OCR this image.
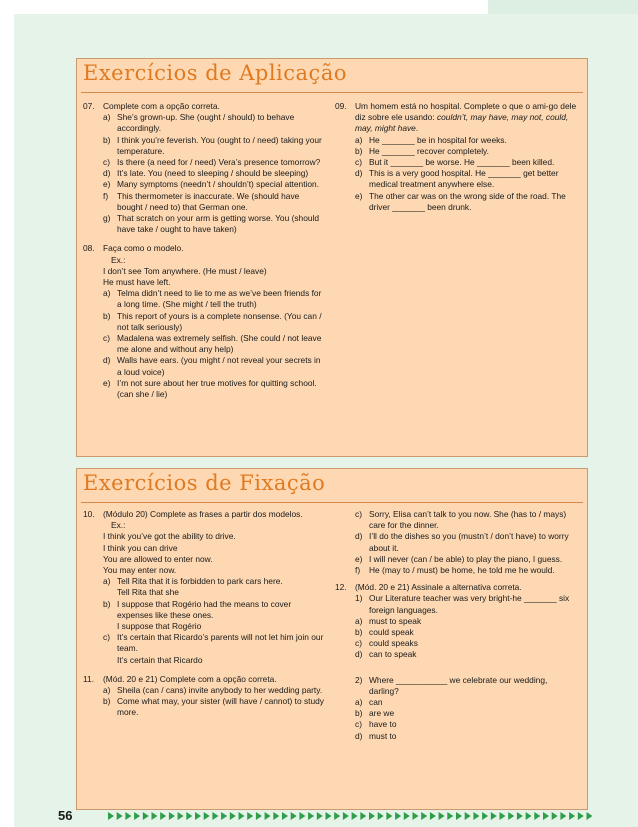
Exercícios de Aplicação
07. Complete com a opção correta.
a) She’s grown-up. She (ought / should) to behave accordingly.
b) I think you’re feverish. You (ought to / need) taking your temperature.
c) Is there (a need for / need) Vera’s presence tomorrow?
d) It’s late. You (need to sleeping / should be sleeping)
e) Many symptoms (needn’t / shouldn’t) special attention.
f)	This thermometer is inaccurate. We (should have bought / need to) that German one.
g) That scratch on your arm is getting worse. You (should have take / ought to have taken)
08. Faça como o modelo.
Ex.:
I don’t see Tom anywhere. (He must / leave)
He must have left.
a) Telma didn’t need to lie to me as we’ve been friends for a long time. (She might / tell the truth)
b) This report of yours is a complete nonsense. (You can / not talk seriously)
c) Madalena was extremely selfish. (She could / not leave me alone and without any help)
d) Walls have ears. (you might / not reveal your secrets in a loud voice)
e) I’m not sure about her true motives for quitting school. (can she / lie)
09. Um homem está no hospital. Complete o que o ami-go dele diz sobre ele usando: couldn’t, may have, may not, could, may, might have.
a) He _______ be in hospital for weeks.
b) He _______ recover completely.
c) But it _______ be worse. He _______ been killed.
d) This is a very good hospital. He _______ get better medical treatment anywhere else.
e) The other car was on the wrong side of the road. The driver _______ been drunk.
Exercícios de Fixação
10. (Módulo 20) Complete as frases a partir dos modelos.
Ex.:
I think you’ve got the ability to drive.
I think you can drive
You are allowed to enter now.
You may enter now.
a) Tell Rita that it is forbidden to park cars here.
Tell Rita that she
b) I suppose that Rogério had the means to cover expenses like these ones.
I suppose that Rogério
c) It’s certain that Ricardo’s parents will not let him join our team.
It’s certain that Ricardo
11.	(Mód. 20 e 21) Complete com a opção correta.
a) Sheila (can / cans) invite anybody to her wedding party.
b) Come what may, your sister (will have / cannot) to study more.
c) Sorry, Elisa can’t talk to you now. She (has to / mays) care for the dinner.
d) I’ll do the dishes so you (mustn’t / don’t have) to worry about it.
e) I will never (can / be able) to play the piano, I guess.
f)	He (may to / must) be home, he told me he would.
12. (Mód. 20 e 21) Assinale a alternativa correta.
1) Our Literature teacher was very bright-he _______ six foreign languages.
a) must to speak
b) could speak
c) could speaks
d) can to speak
2) Where ___________ we celebrate our wedding, darling?
a) can
b) are we
c) have to
d) must to
56
